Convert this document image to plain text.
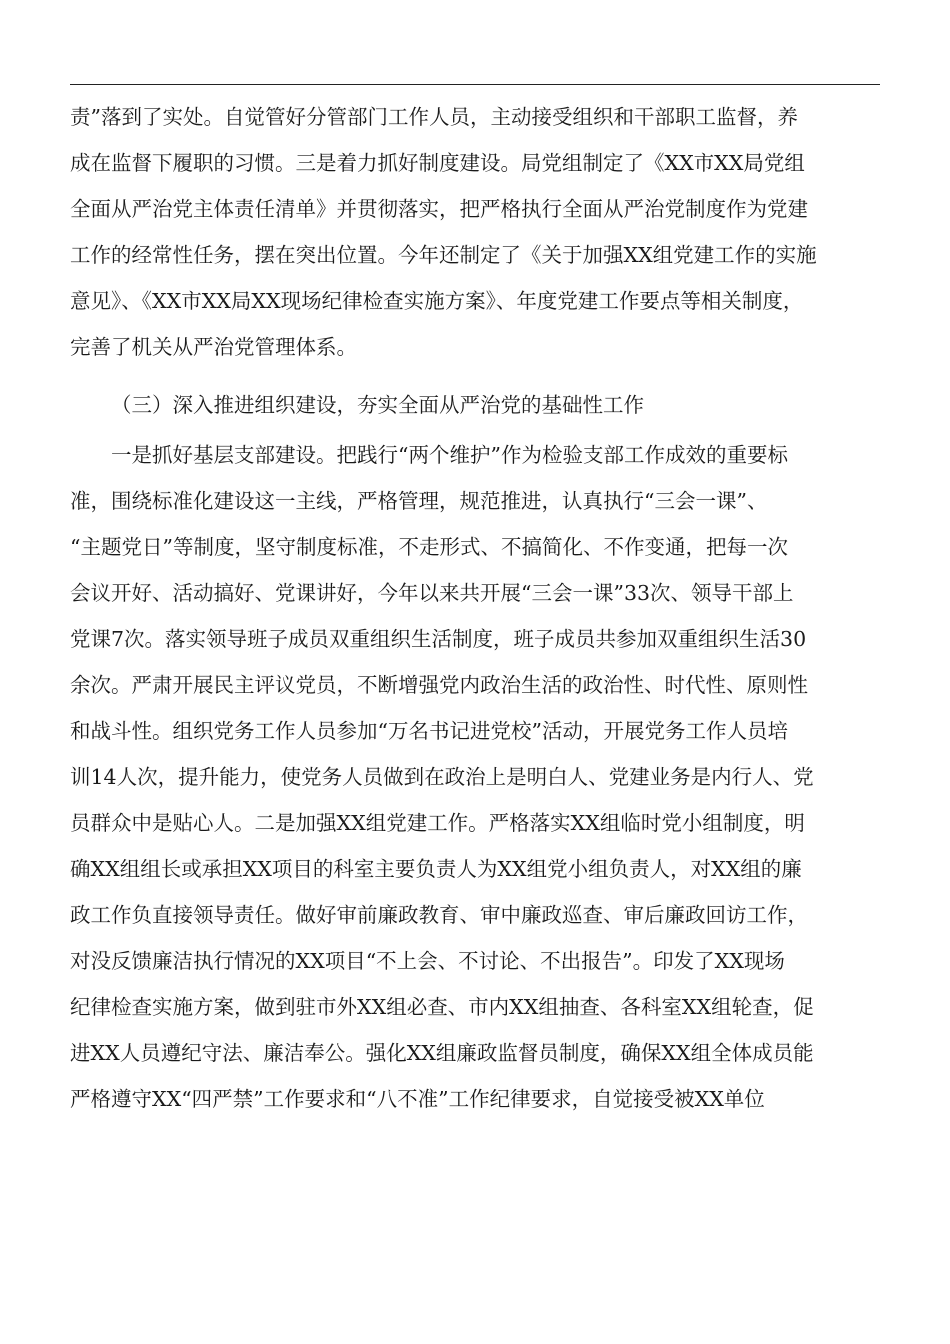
责”落到了实处。自觉管好分管部门工作人员，主动接受组织和干部职工监督，养
成在监督下履职的习惯。三是着力抓好制度建设。局党组制定了《XX市XX局党组
全面从严治党主体责任清单》并贯彻落实，把严格执行全面从严治党制度作为党建
工作的经常性任务，摆在突出位置。今年还制定了《关于加强XX组党建工作的实施
意见》、《XX市XX局XX现场纪律检查实施方案》、年度党建工作要点等相关制度，
完善了机关从严治党管理体系。
（三）深入推进组织建设，夯实全面从严治党的基础性工作
一是抓好基层支部建设。把践行“两个维护”作为检验支部工作成效的重要标
准，围绕标准化建设这一主线，严格管理，规范推进，认真执行“三会一课”、
“主题党日”等制度，坚守制度标准，不走形式、不搞简化、不作变通，把每一次
会议开好、活动搞好、党课讲好，今年以来共开展“三会一课”33次、领导干部上
党课7次。落实领导班子成员双重组织生活制度，班子成员共参加双重组织生活30
余次。严肃开展民主评议党员，不断增强党内政治生活的政治性、时代性、原则性
和战斗性。组织党务工作人员参加“万名书记进党校”活动，开展党务工作人员培
训14人次，提升能力，使党务人员做到在政治上是明白人、党建业务是内行人、党
员群众中是贴心人。二是加强XX组党建工作。严格落实XX组临时党小组制度，明
确XX组组长或承担XX项目的科室主要负责人为XX组党小组负责人，对XX组的廉
政工作负直接领导责任。做好审前廉政教育、审中廉政巡查、审后廉政回访工作，
对没反馈廉洁执行情况的XX项目“不上会、不讨论、不出报告”。印发了XX现场
纪律检查实施方案，做到驻市外XX组必查、市内XX组抽查、各科室XX组轮查，促
进XX人员遵纪守法、廉洁奉公。强化XX组廉政监督员制度，确保XX组全体成员能
严格遵守XX“四严禁”工作要求和“八不准”工作纪律要求，自觉接受被XX单位
